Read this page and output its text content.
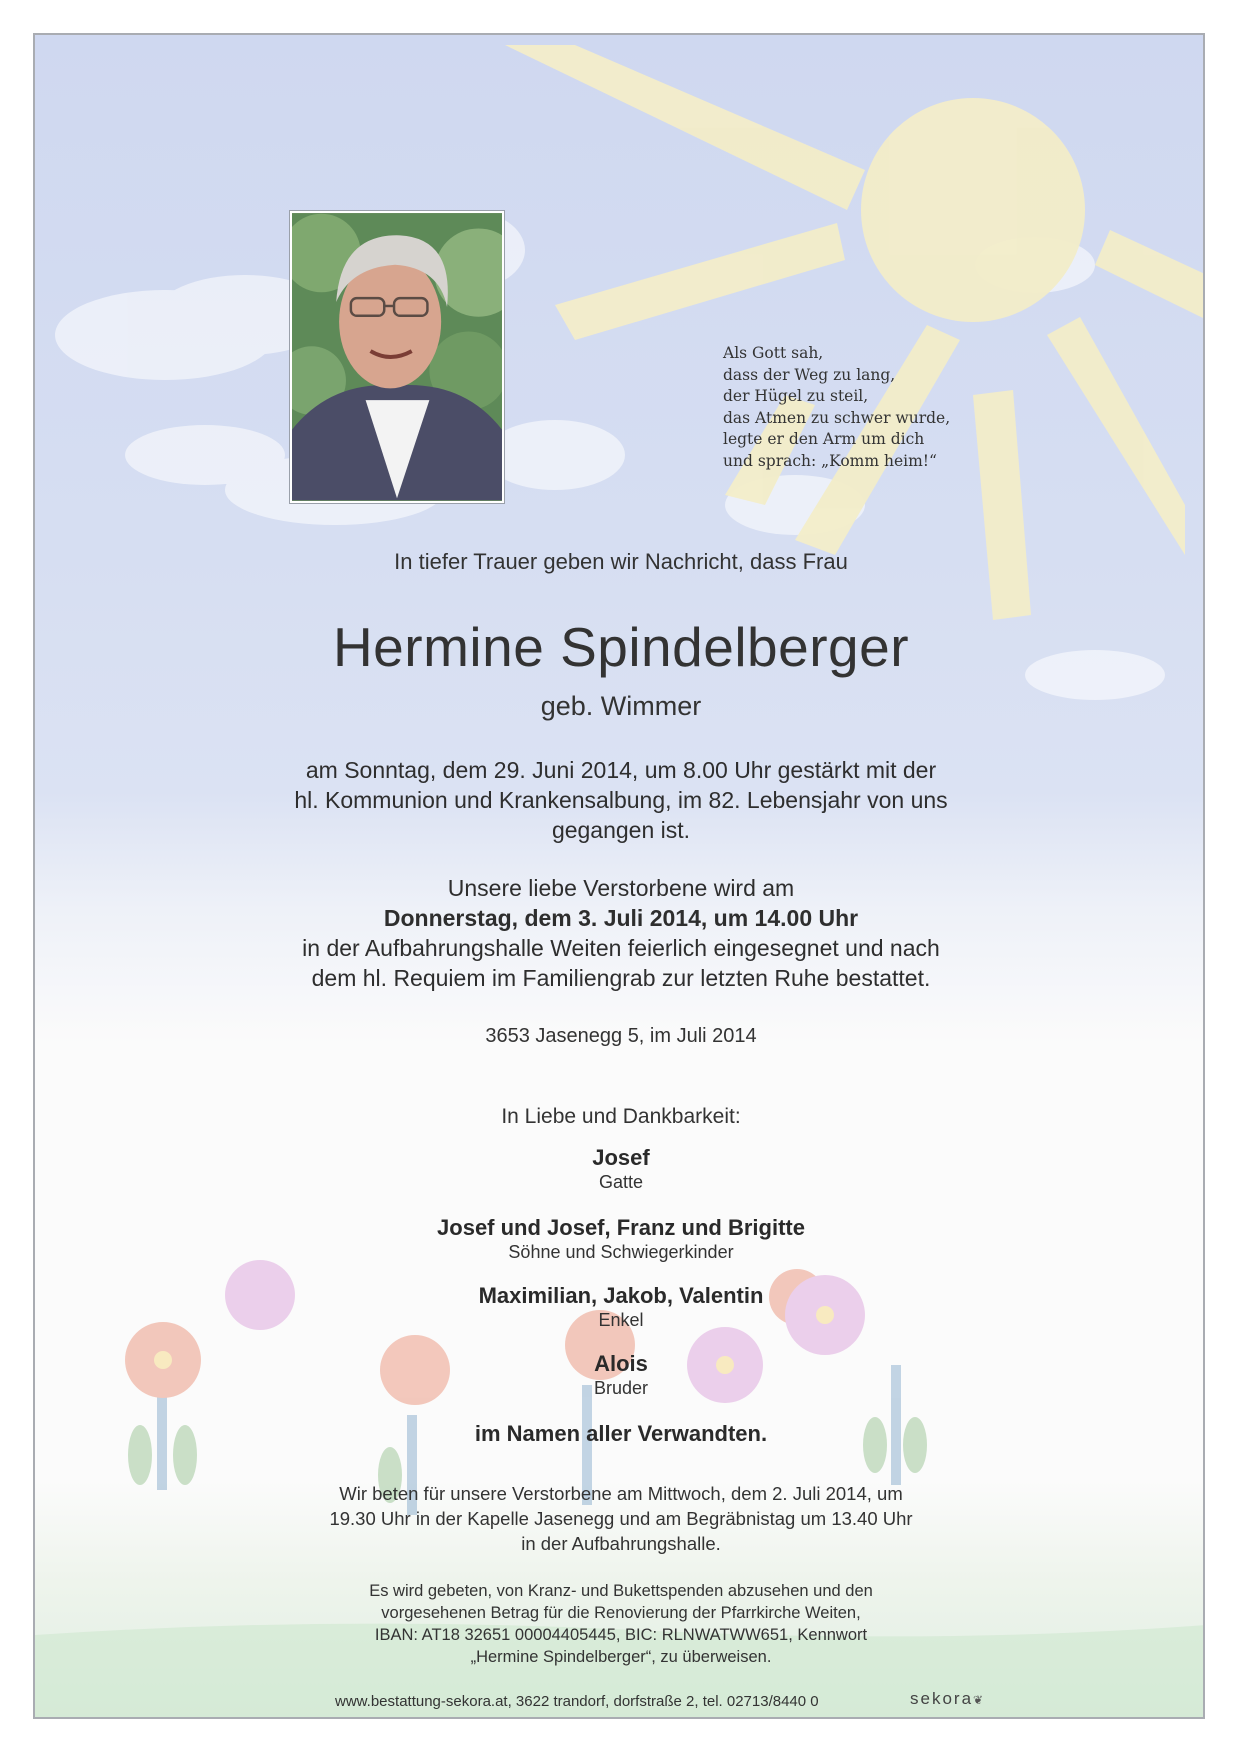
Als Gott sah,
dass der Weg zu lang,
der Hügel zu steil,
das Atmen zu schwer wurde,
legte er den Arm um dich
und sprach: „Komm heim!“
In tiefer Trauer geben wir Nachricht, dass Frau
Hermine Spindelberger
geb. Wimmer
am Sonntag, dem 29. Juni 2014, um 8.00 Uhr gestärkt mit der
hl. Kommunion und Krankensalbung, im 82. Lebensjahr von uns
gegangen ist.
Unsere liebe Verstorbene wird am
Donnerstag, dem 3. Juli 2014, um 14.00 Uhr
in der Aufbahrungshalle Weiten feierlich eingesegnet und nach
dem hl. Requiem im Familiengrab zur letzten Ruhe bestattet.
3653 Jasenegg 5, im Juli 2014
In Liebe und Dankbarkeit:
Josef
Gatte
Josef und Josef, Franz und Brigitte
Söhne und Schwiegerkinder
Maximilian, Jakob, Valentin
Enkel
Alois
Bruder
im Namen aller Verwandten.
Wir beten für unsere Verstorbene am Mittwoch, dem 2. Juli 2014, um
19.30 Uhr in der Kapelle Jasenegg und am Begräbnistag um 13.40 Uhr
in der Aufbahrungshalle.
Es wird gebeten, von Kranz- und Bukettspenden abzusehen und den
vorgesehenen Betrag für die Renovierung der Pfarrkirche Weiten,
IBAN: AT18 32651 00004405445, BIC: RLNWATWW651, Kennwort
„Hermine Spindelberger“, zu überweisen.
www.bestattung-sekora.at, 3622 trandorf, dorfstraße 2, tel. 02713/8440 0	sekora❦
